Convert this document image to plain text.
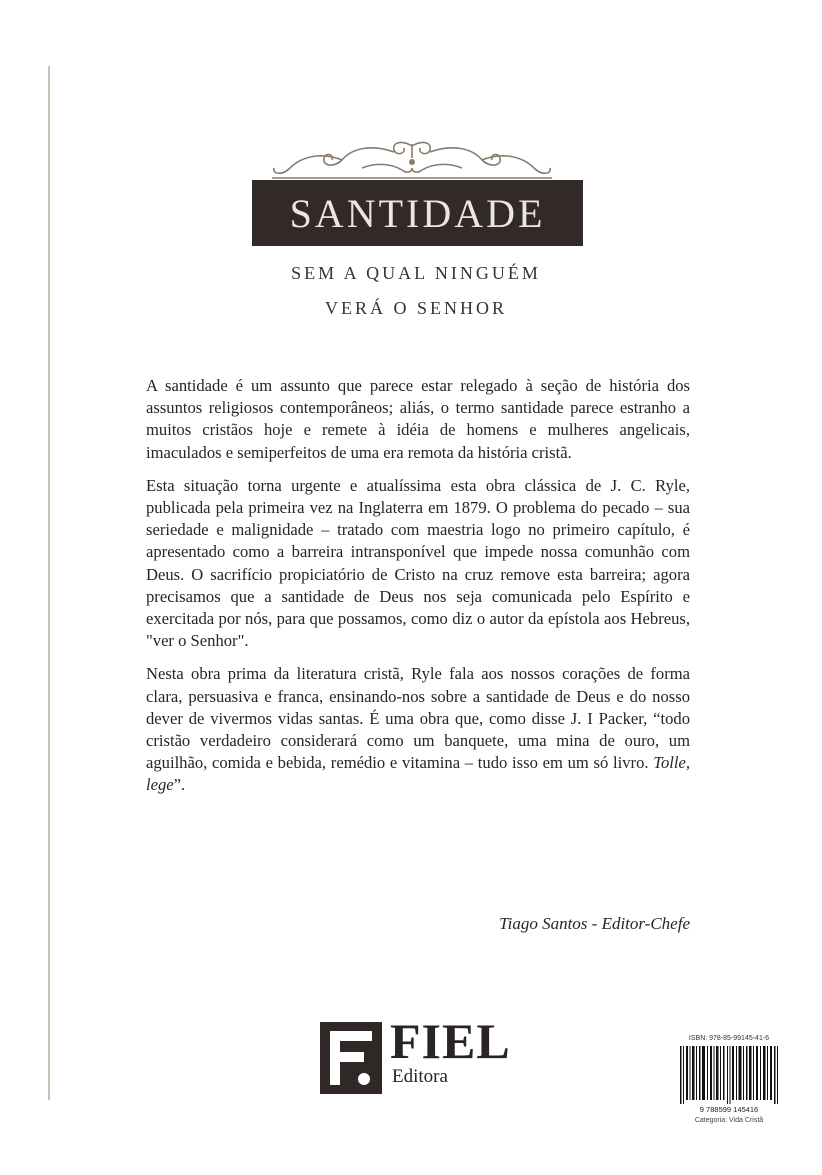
SANTIDADE
SEM A QUAL NINGUÉM
VERÁ O SENHOR

A santidade é um assunto que parece estar relegado à seção de história dos assuntos religiosos contemporâneos; aliás, o termo santidade parece estranho a muitos cristãos hoje e remete à idéia de homens e mulheres angelicais, imaculados e semiperfeitos de uma era remota da história cristã.

Esta situação torna urgente e atualíssima esta obra clássica de J. C. Ryle, publicada pela primeira vez na Inglaterra em 1879. O problema do pecado – sua seriedade e malignidade – tratado com maestria logo no primeiro capítulo, é apresentado como a barreira intransponível que impede nossa comunhão com Deus. O sacrifício propiciatório de Cristo na cruz remove esta barreira; agora precisamos que a santidade de Deus nos seja comunicada pelo Espírito e exercitada por nós, para que possamos, como diz o autor da epístola aos Hebreus, "ver o Senhor".

Nesta obra prima da literatura cristã, Ryle fala aos nossos corações de forma clara, persuasiva e franca, ensinando-nos sobre a santidade de Deus e do nosso dever de vivermos vidas santas. É uma obra que, como disse J. I Packer, “todo cristão verdadeiro considerará como um banquete, uma mina de ouro, um aguilhão, comida e bebida, remédio e vitamina – tudo isso em um só livro. Tolle, lege”.

Tiago Santos - Editor-Chefe
FIEL
Editora
ISBN: 978-85-99145-41-6
9 788599 145416
Categoria: Vida Cristã
